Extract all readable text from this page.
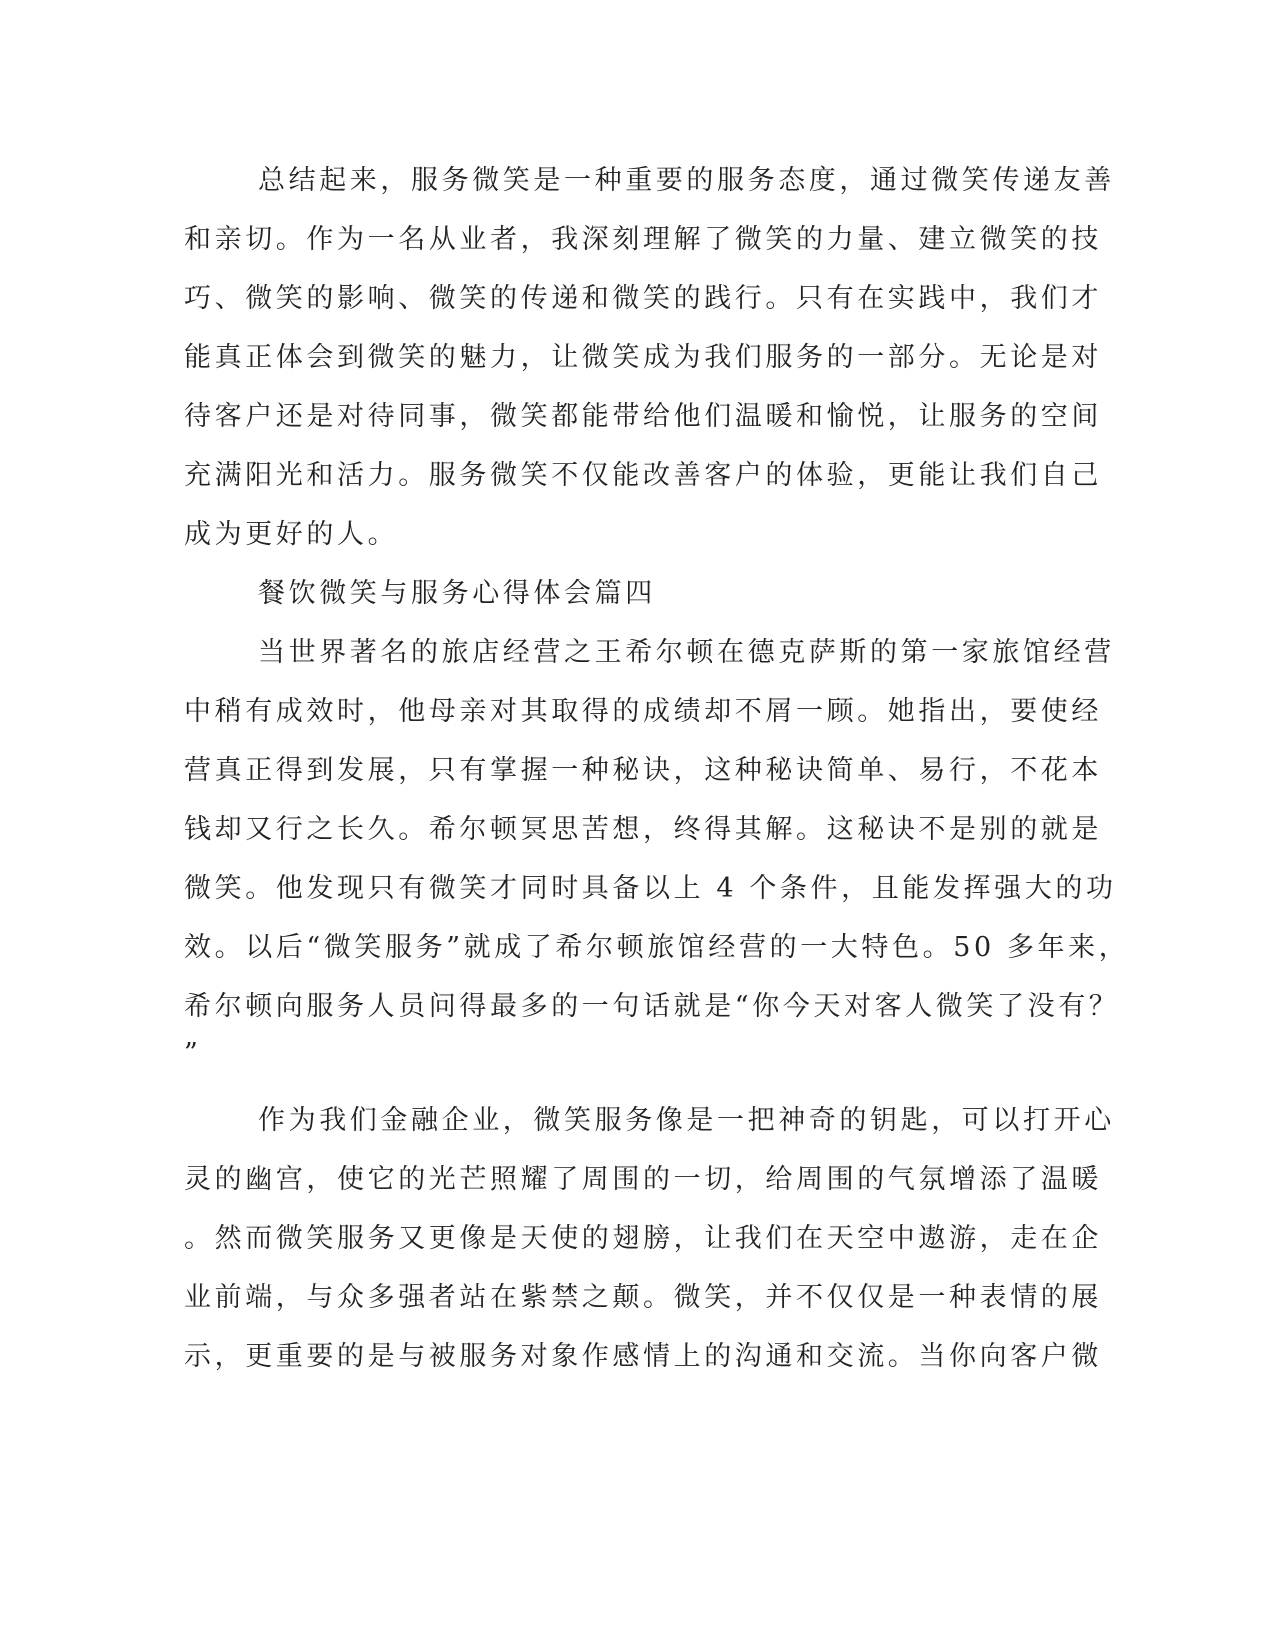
总结起来，服务微笑是一种重要的服务态度，通过微笑传递友善
和亲切。作为一名从业者，我深刻理解了微笑的力量、建立微笑的技
巧、微笑的影响、微笑的传递和微笑的践行。只有在实践中，我们才
能真正体会到微笑的魅力，让微笑成为我们服务的一部分。无论是对
待客户还是对待同事，微笑都能带给他们温暖和愉悦，让服务的空间
充满阳光和活力。服务微笑不仅能改善客户的体验，更能让我们自己
成为更好的人。
餐饮微笑与服务心得体会篇四
当世界著名的旅店经营之王希尔顿在德克萨斯的第一家旅馆经营
中稍有成效时，他母亲对其取得的成绩却不屑一顾。她指出，要使经
营真正得到发展，只有掌握一种秘诀，这种秘诀简单、易行，不花本
钱却又行之长久。希尔顿冥思苦想，终得其解。这秘诀不是别的就是
微笑。他发现只有微笑才同时具备以上 4 个条件，且能发挥强大的功
效。以后“微笑服务”就成了希尔顿旅馆经营的一大特色。50 多年来，
希尔顿向服务人员问得最多的一句话就是“你今天对客人微笑了没有？
”
作为我们金融企业，微笑服务像是一把神奇的钥匙，可以打开心
灵的幽宫，使它的光芒照耀了周围的一切，给周围的气氛增添了温暖
。然而微笑服务又更像是天使的翅膀，让我们在天空中遨游，走在企
业前端，与众多强者站在紫禁之颠。微笑，并不仅仅是一种表情的展
示，更重要的是与被服务对象作感情上的沟通和交流。当你向客户微
